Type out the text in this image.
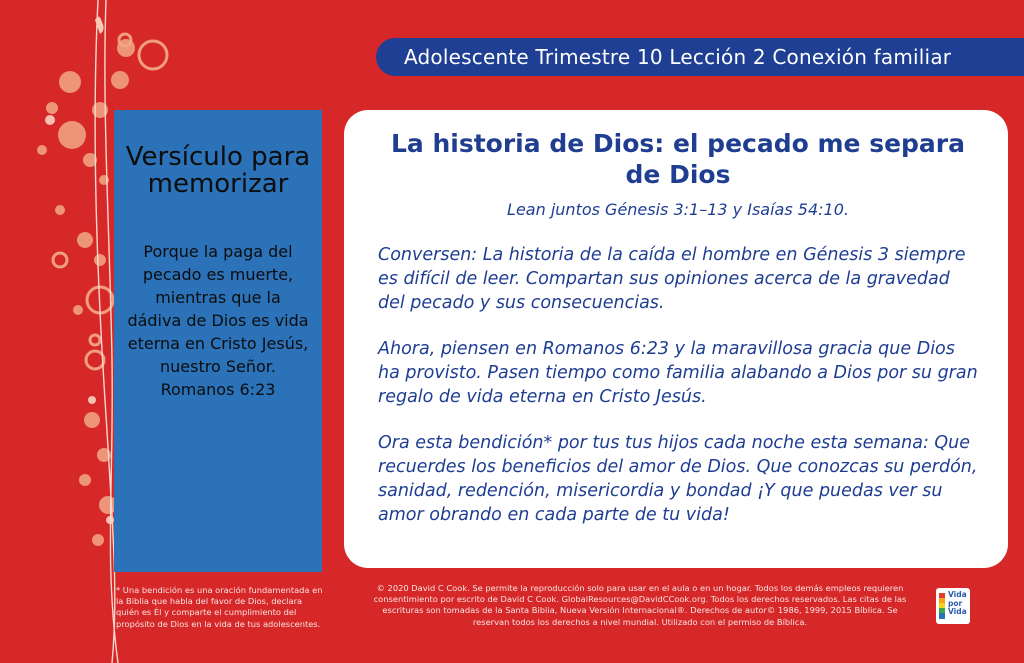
Adolescente Trimestre 10 Lección 2 Conexión familiar
Versículo para memorizar
Porque la paga del pecado es muerte, mientras que la dádiva de Dios es vida eterna en Cristo Jesús, nuestro Señor. Romanos 6:23
La historia de Dios: el pecado me separa de Dios
Lean juntos Génesis 3:1–13 y Isaías 54:10.
Conversen: La historia de la caída el hombre en Génesis 3 siempre es difícil de leer. Compartan sus opiniones acerca de la gravedad del pecado y sus consecuencias.
Ahora, piensen en Romanos 6:23 y la maravillosa gracia que Dios ha provisto. Pasen tiempo como familia alabando a Dios por su gran regalo de vida eterna en Cristo Jesús.
Ora esta bendición* por tus tus hijos cada noche esta semana: Que recuerdes los beneficios del amor de Dios. Que conozcas su perdón, sanidad, redención, misericordia y bondad ¡Y que puedas ver su amor obrando en cada parte de tu vida!
* Una bendición es una oración fundamentada en la Biblia que habla del favor de Dios, declara quién es Él y comparte el cumplimiento del propósito de Dios en la vida de tus adolescentes.
© 2020 David C Cook. Se permite la reproducción solo para usar en el aula o en un hogar. Todos los demás empleos requieren consentimiento por escrito de David C Cook. GlobalResources@DavidCCook.org. Todos los derechos reservados. Las citas de las escrituras son tomadas de la Santa Biblia, Nueva Versión Internacional®. Derechos de autor© 1986, 1999, 2015 Bíblica. Se reservan todos los derechos a nivel mundial. Utilizado con el permiso de Bíblica.
Vida
por
Vida
